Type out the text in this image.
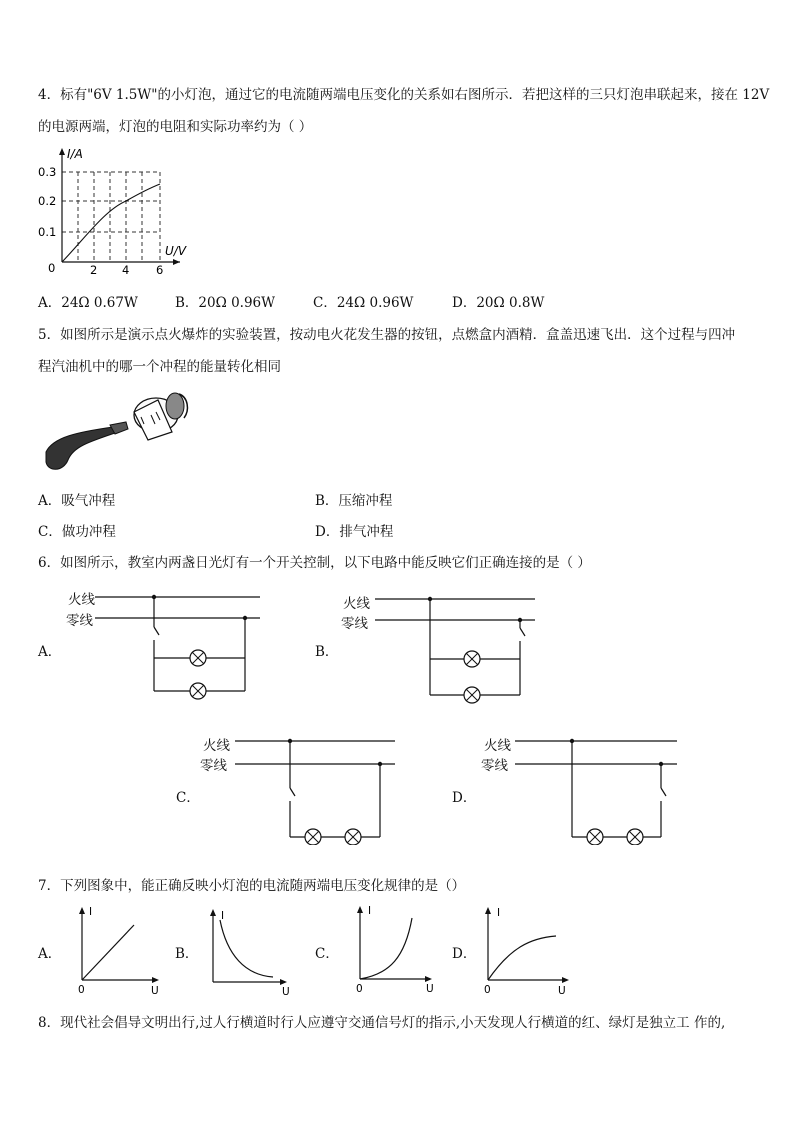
4．标有"6V 1.5W"的小灯泡，通过它的电流随两端电压变化的关系如右图所示．若把这样的三只灯泡串联起来，接在 12V
的电源两端，灯泡的电阻和实际功率约为（ ）
I/A
0.3
0.2
0.1
0	2 4 6
U/V
A．24Ω 0.67W	B．20Ω 0.96W	C．24Ω 0.96W	D．20Ω 0.8W
5．如图所示是演示点火爆炸的实验装置，按动电火花发生器的按钮，点燃盒内酒精．盒盖迅速飞出．这个过程与四冲
程汽油机中的哪一个冲程的能量转化相同
A．吸气冲程	B．压缩冲程
C．做功冲程	D．排气冲程
6．如图所示，教室内两盏日光灯有一个开关控制，以下电路中能反映它们正确连接的是（ ）
A．
火线
零线
B．
火线
零线
C．
火线
零线
D．
火线
零线
7．下列图象中，能正确反映小灯泡的电流随两端电压变化规律的是（）
A．
I
0	U
B．
I
U
C．
I
0	U
D．
I
0	U
8．现代社会倡导文明出行,过人行横道时行人应遵守交通信号灯的指示,小天发现人行横道的红、绿灯是独立工 作的,
